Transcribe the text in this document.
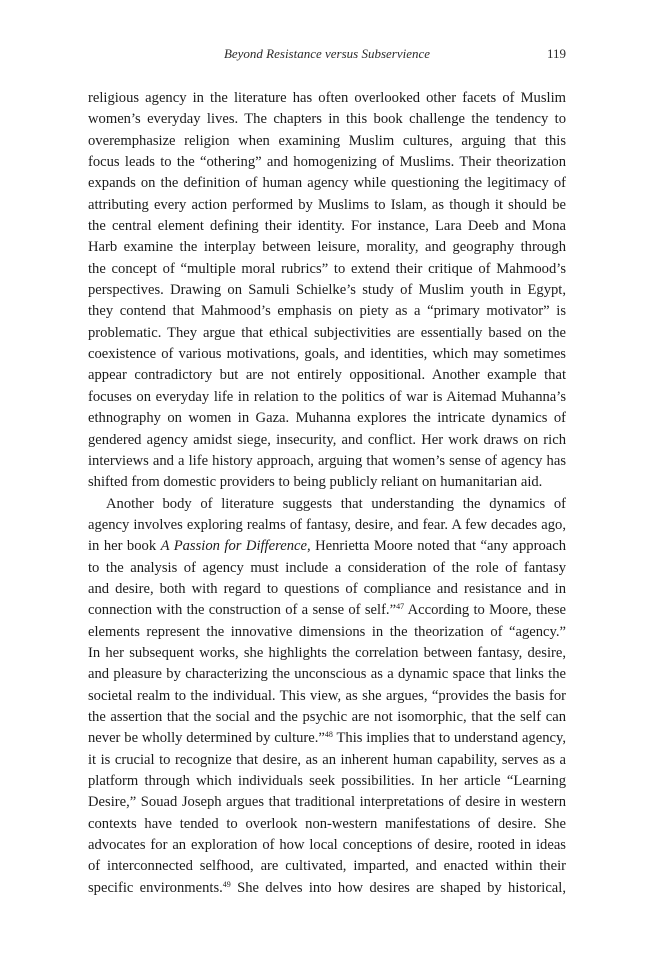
Beyond Resistance versus Subservience	119
religious agency in the literature has often overlooked other facets of Muslim
women’s everyday lives. The chapters in this book challenge the tendency to
overemphasize religion when examining Muslim cultures, arguing that this
focus leads to the “othering” and homogenizing of Muslims. Their theorization
expands on the definition of human agency while questioning the legitimacy of
attributing every action performed by Muslims to Islam, as though it should be
the central element defining their identity. For instance, Lara Deeb and Mona
Harb examine the interplay between leisure, morality, and geography through
the concept of “multiple moral rubrics” to extend their critique of Mahmood’s
perspectives. Drawing on Samuli Schielke’s study of Muslim youth in Egypt,
they contend that Mahmood’s emphasis on piety as a “primary motivator” is
problematic. They argue that ethical subjectivities are essentially based on the
coexistence of various motivations, goals, and identities, which may sometimes
appear contradictory but are not entirely oppositional. Another example that
focuses on everyday life in relation to the politics of war is Aitemad Muhanna’s
ethnography on women in Gaza. Muhanna explores the intricate dynamics of
gendered agency amidst siege, insecurity, and conflict. Her work draws on rich
interviews and a life history approach, arguing that women’s sense of agency has
shifted from domestic providers to being publicly reliant on humanitarian aid.
Another body of literature suggests that understanding the dynamics of
agency involves exploring realms of fantasy, desire, and fear. A few decades ago,
in her book A Passion for Difference, Henrietta Moore noted that “any approach
to the analysis of agency must include a consideration of the role of fantasy
and desire, both with regard to questions of compliance and resistance and in
connection with the construction of a sense of self.”$^{47}$ According to Moore, these
elements represent the innovative dimensions in the theorization of “agency.”
In her subsequent works, she highlights the correlation between fantasy, desire,
and pleasure by characterizing the unconscious as a dynamic space that links the
societal realm to the individual. This view, as she argues, “provides the basis for
the assertion that the social and the psychic are not isomorphic, that the self can
never be wholly determined by culture.”$^{48}$ This implies that to understand agency,
it is crucial to recognize that desire, as an inherent human capability, serves as a
platform through which individuals seek possibilities. In her article “Learning
Desire,” Souad Joseph argues that traditional interpretations of desire in western
contexts have tended to overlook non-western manifestations of desire. She
advocates for an exploration of how local conceptions of desire, rooted in ideas
of interconnected selfhood, are cultivated, imparted, and enacted within their
specific environments.$^{49}$ She delves into how desires are shaped by historical,
